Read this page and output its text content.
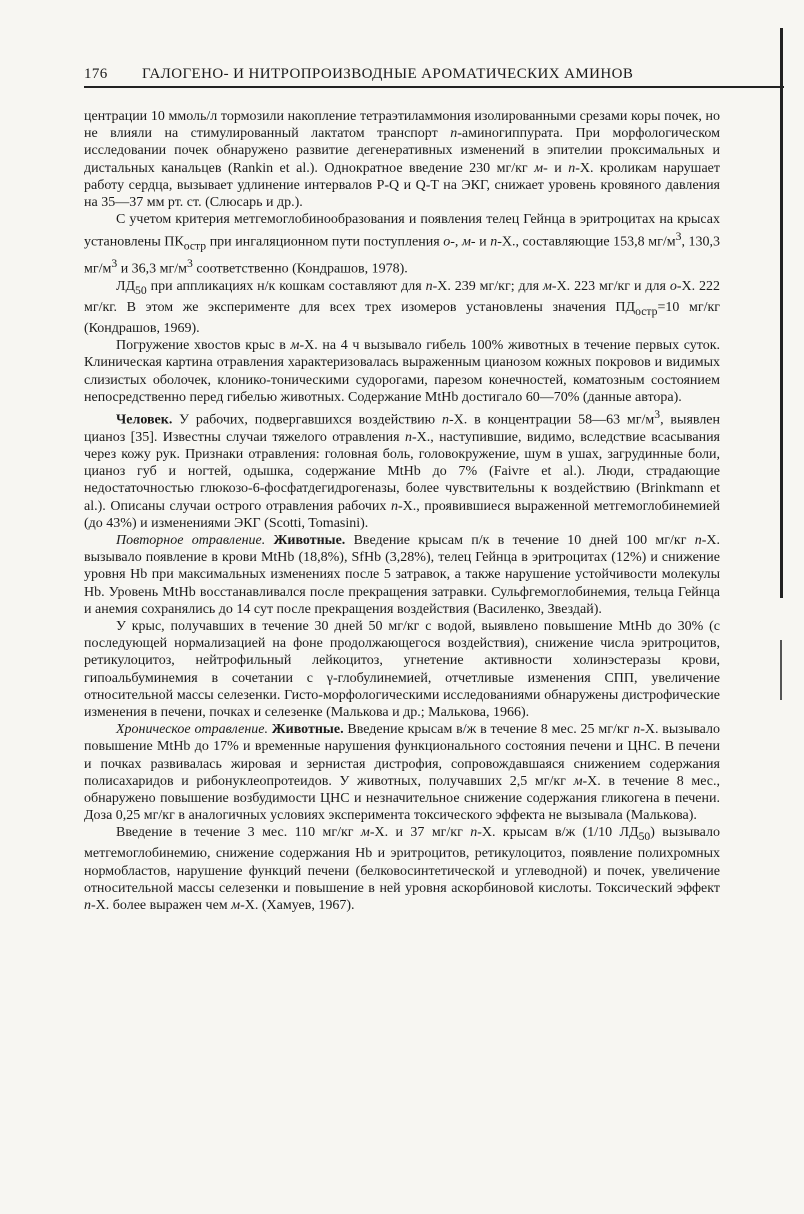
176 ГАЛОГЕНО- И НИТРОПРОИЗВОДНЫЕ АРОМАТИЧЕСКИХ АМИНОВ

центрации 10 ммоль/л тормозили накопление тетраэтиламмония изолированными срезами коры почек, но не влияли на стимулированный лактатом транспорт п-аминогиппурата. При морфологическом исследовании почек обнаружено развитие дегенеративных изменений в эпителии проксимальных и дистальных канальцев (Rankin et al.). Однократное введение 230 мг/кг м- и п-Х. кроликам нарушает работу сердца, вызывает удлинение интервалов P-Q и Q-T на ЭКГ, снижает уровень кровяного давления на 35—37 мм рт. ст. (Слюсарь и др.).

С учетом критерия метгемоглобинообразования и появления телец Гейнца в эритроцитах на крысах установлены $ПК_{остр}$ при ингаляционном пути поступления о-, м- и п-Х., составляющие 153,8 $мг/м^3$, 130,3 $мг/м^3$ и 36,3 $мг/м^3$ соответственно (Кондрашов, 1978).

$ЛД_{50}$ при аппликациях н/к кошкам составляют для п-Х. 239 мг/кг; для м-Х. 223 мг/кг и для о-Х. 222 мг/кг. В этом же эксперименте для всех трех изомеров установлены значения $ПД_{остр}=10$ мг/кг (Кондрашов, 1969).

Погружение хвостов крыс в м-Х. на 4 ч вызывало гибель 100% животных в течение первых суток. Клиническая картина отравления характеризовалась выраженным цианозом кожных покровов и видимых слизистых оболочек, клонико-тоническими судорогами, парезом конечностей, коматозным состоянием непосредственно перед гибелью животных. Содержание MtHb достигало 60—70% (данные автора).

Человек. У рабочих, подвергавшихся воздействию п-Х. в концентрации 58—63 $мг/м^3$, выявлен цианоз [35]. Известны случаи тяжелого отравления п-Х., наступившие, видимо, вследствие всасывания через кожу рук. Признаки отравления: головная боль, головокружение, шум в ушах, загрудинные боли, цианоз губ и ногтей, одышка, содержание MtHb до 7% (Faivre et al.). Люди, страдающие недостаточностью глюкозо-6-фосфатдегидрогеназы, более чувствительны к воздействию (Brinkmann et al.). Описаны случаи острого отравления рабочих п-Х., проявившиеся выраженной метгемоглобинемией (до 43%) и изменениями ЭКГ (Scotti, Tomasini).

Повторное отравление. Животные. Введение крысам п/к в течение 10 дней 100 мг/кг п-Х. вызывало появление в крови MtHb (18,8%), SfHb (3,28%), телец Гейнца в эритроцитах (12%) и снижение уровня Hb при максимальных изменениях после 5 затравок, а также нарушение устойчивости молекулы Hb. Уровень MtHb восстанавливался после прекращения затравки. Сульфгемоглобинемия, тельца Гейнца и анемия сохранялись до 14 сут после прекращения воздействия (Василенко, Звездай).

У крыс, получавших в течение 30 дней 50 мг/кг с водой, выявлено повышение MtHb до 30% (с последующей нормализацией на фоне продолжающегося воздействия), снижение числа эритроцитов, ретикулоцитоз, нейтрофильный лейкоцитоз, угнетение активности холинэстеразы крови, гипоальбуминемия в сочетании с γ-глобулинемией, отчетливые изменения СПП, увеличение относительной массы селезенки. Гисто-морфологическими исследованиями обнаружены дистрофические изменения в печени, почках и селезенке (Малькова и др.; Малькова, 1966).

Хроническое отравление. Животные. Введение крысам в/ж в течение 8 мес. 25 мг/кг п-Х. вызывало повышение MtHb до 17% и временные нарушения функционального состояния печени и ЦНС. В печени и почках развивалась жировая и зернистая дистрофия, сопровождавшаяся снижением содержания полисахаридов и рибонуклеопротеидов. У животных, получавших 2,5 мг/кг м-Х. в течение 8 мес., обнаружено повышение возбудимости ЦНС и незначительное снижение содержания гликогена в печени. Доза 0,25 мг/кг в аналогичных условиях эксперимента токсического эффекта не вызывала (Малькова).

Введение в течение 3 мес. 110 мг/кг м-Х. и 37 мг/кг п-Х. крысам в/ж (1/10 $ЛД_{50}$) вызывало метгемоглобинемию, снижение содержания Hb и эритроцитов, ретикулоцитоз, появление полихромных нормобластов, нарушение функций печени (белковосинтетической и углеводной) и почек, увеличение относительной массы селезенки и повышение в ней уровня аскорбиновой кислоты. Токсический эффект п-Х. более выражен чем м-Х. (Хамуев, 1967).
